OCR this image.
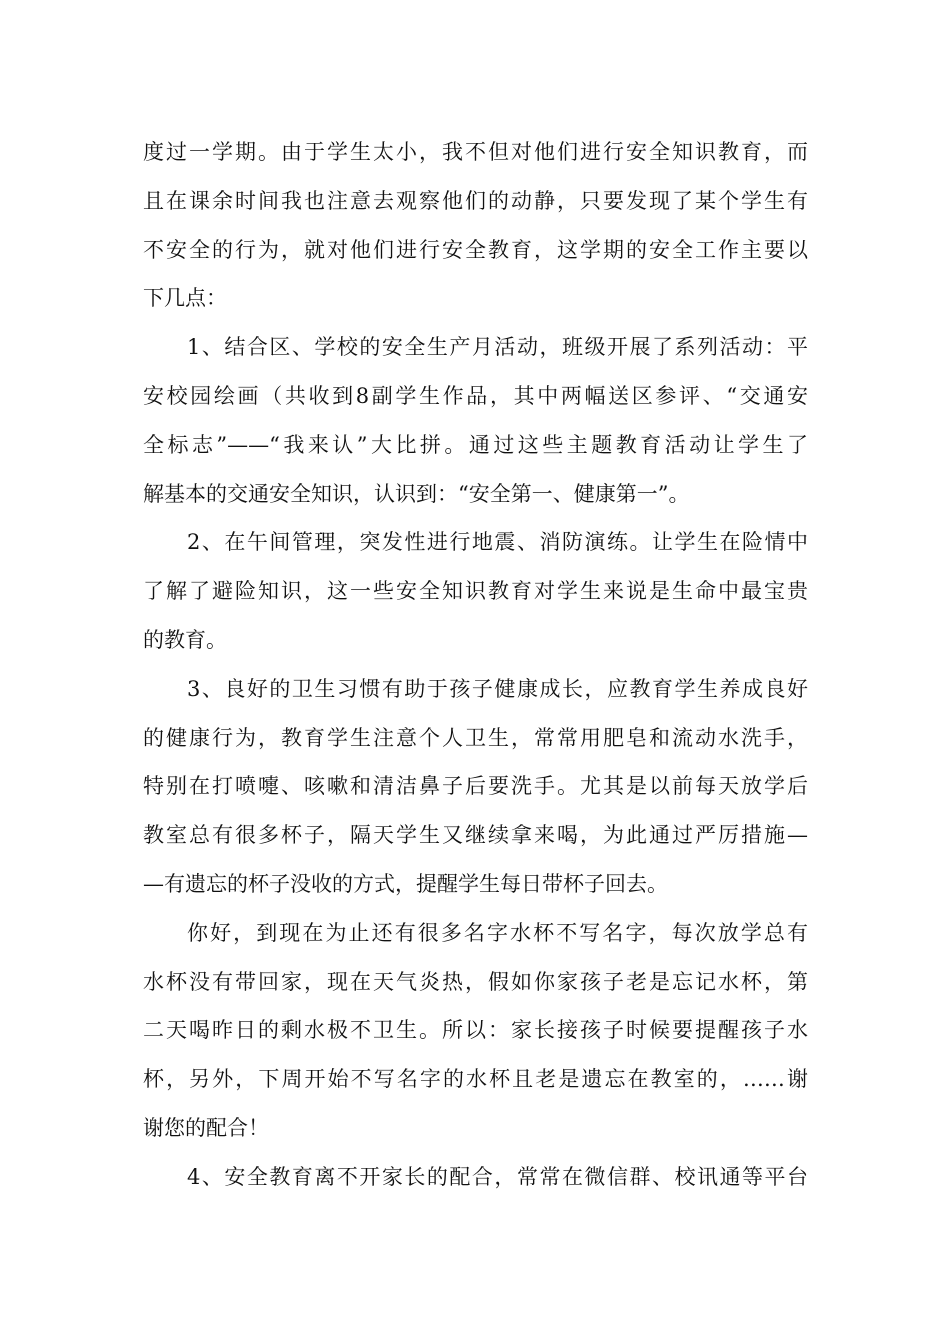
度过一学期。由于学生太小，我不但对他们进行安全知识教育，而
且在课余时间我也注意去观察他们的动静，只要发现了某个学生有
不安全的行为，就对他们进行安全教育，这学期的安全工作主要以
下几点：
1、结合区、学校的安全生产月活动，班级开展了系列活动：平
安校园绘画（共收到8副学生作品，其中两幅送区参评、“交通安
全标志”——“我来认”大比拼。通过这些主题教育活动让学生了
解基本的交通安全知识，认识到：“安全第一、健康第一”。
2、在午间管理，突发性进行地震、消防演练。让学生在险情中
了解了避险知识，这一些安全知识教育对学生来说是生命中最宝贵
的教育。
3、良好的卫生习惯有助于孩子健康成长，应教育学生养成良好
的健康行为，教育学生注意个人卫生，常常用肥皂和流动水洗手，
特别在打喷嚏、咳嗽和清洁鼻子后要洗手。尤其是以前每天放学后
教室总有很多杯子，隔天学生又继续拿来喝，为此通过严厉措施—
—有遗忘的杯子没收的方式，提醒学生每日带杯子回去。
你好，到现在为止还有很多名字水杯不写名字，每次放学总有
水杯没有带回家，现在天气炎热，假如你家孩子老是忘记水杯，第
二天喝昨日的剩水极不卫生。所以：家长接孩子时候要提醒孩子水
杯，另外，下周开始不写名字的水杯且老是遗忘在教室的，……谢
谢您的配合！
4、安全教育离不开家长的配合，常常在微信群、校讯通等平台
